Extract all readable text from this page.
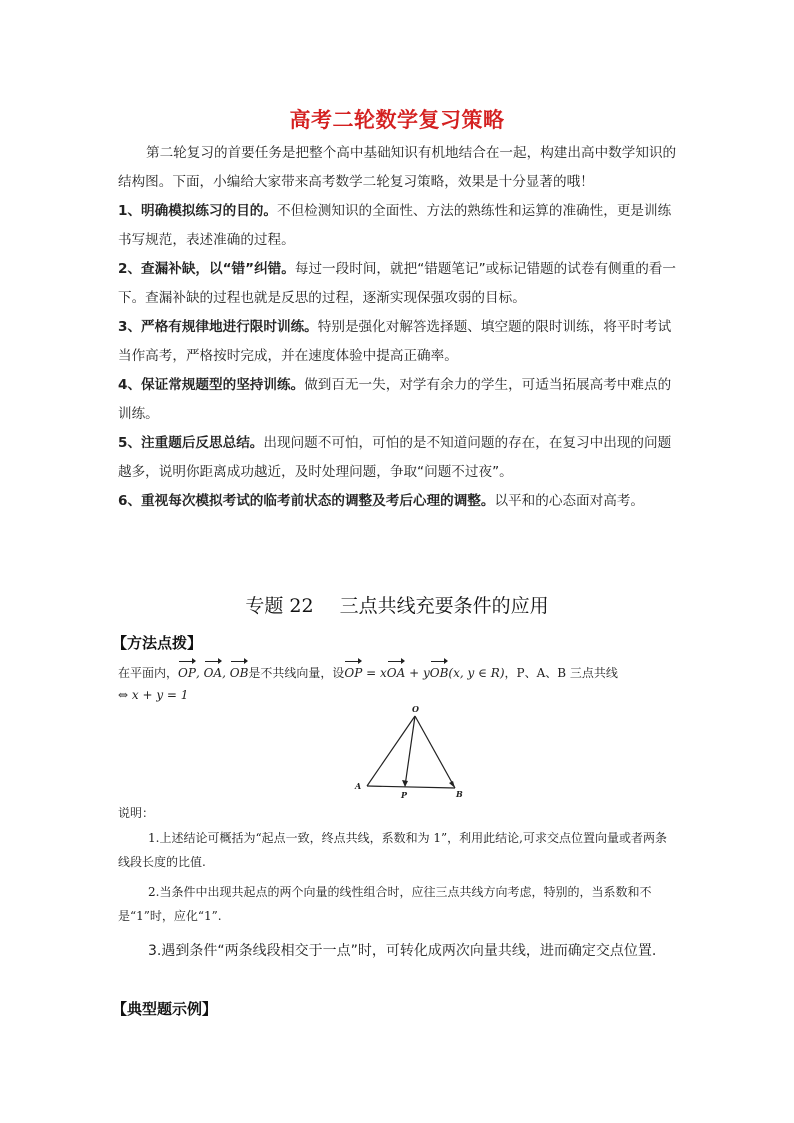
高考二轮数学复习策略
第二轮复习的首要任务是把整个高中基础知识有机地结合在一起，构建出高中数学知识的结构图。下面，小编给大家带来高考数学二轮复习策略，效果是十分显著的哦！
1、明确模拟练习的目的。不但检测知识的全面性、方法的熟练性和运算的准确性，更是训练书写规范，表述准确的过程。
2、查漏补缺，以“错”纠错。每过一段时间，就把“错题笔记”或标记错题的试卷有侧重的看一下。查漏补缺的过程也就是反思的过程，逐渐实现保强攻弱的目标。
3、严格有规律地进行限时训练。特别是强化对解答选择题、填空题的限时训练，将平时考试当作高考，严格按时完成，并在速度体验中提高正确率。
4、保证常规题型的坚持训练。做到百无一失，对学有余力的学生，可适当拓展高考中难点的训练。
5、注重题后反思总结。出现问题不可怕，可怕的是不知道问题的存在，在复习中出现的问题越多，说明你距离成功越近，及时处理问题，争取“问题不过夜”。
6、重视每次模拟考试的临考前状态的调整及考后心理的调整。以平和的心态面对高考。
专题 22 三点共线充要条件的应用
【方法点拨】
在平面内，OP, OA, OB是不共线向量，设OP = xOA + yOB(x, y ∈ R)，P、A、B 三点共线
⇔ x + y = 1
O
A
P	B
说明：
1.上述结论可概括为“起点一致，终点共线，系数和为 1”，利用此结论,可求交点位置向量或者两条线段长度的比值.
2.当条件中出现共起点的两个向量的线性组合时，应往三点共线方向考虑，特别的，当系数和不是“1”时，应化“1”.
3.遇到条件“两条线段相交于一点”时，可转化成两次向量共线，进而确定交点位置.
【典型题示例】
